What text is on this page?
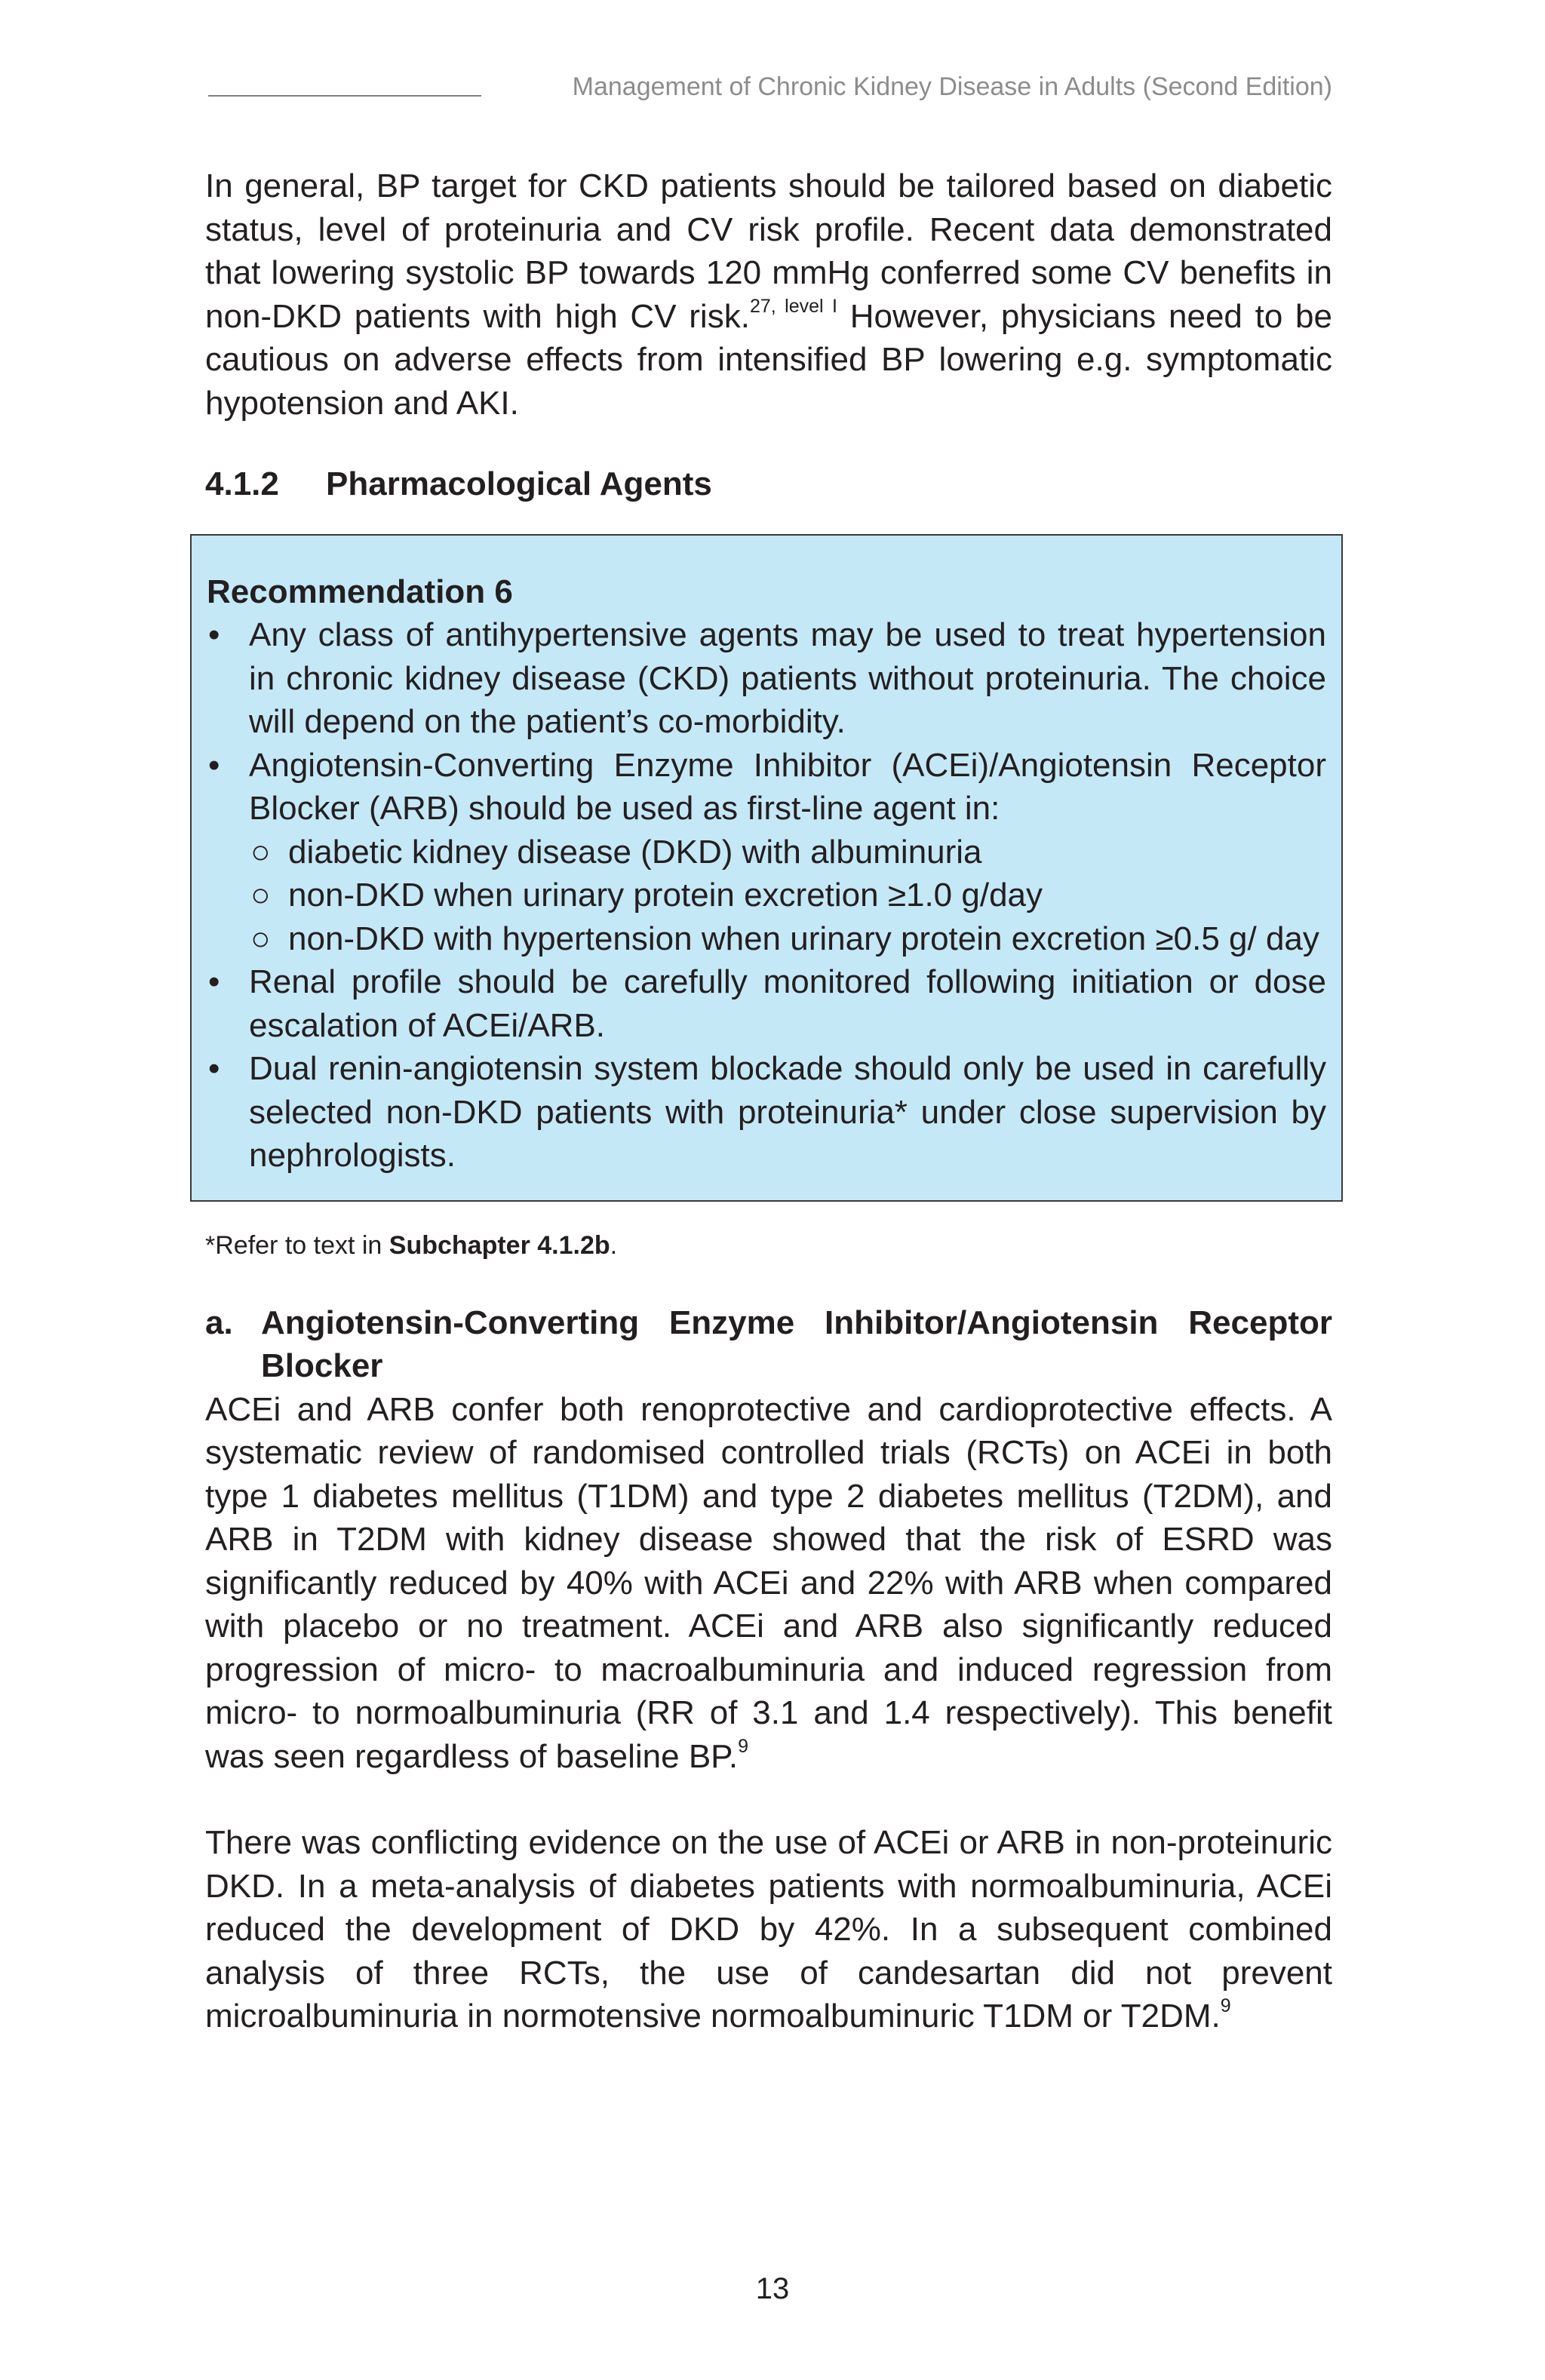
Management of Chronic Kidney Disease in Adults (Second Edition)

In general, BP target for CKD patients should be tailored based on diabetic status, level of proteinuria and CV risk profile. Recent data demonstrated that lowering systolic BP towards 120 mmHg conferred some CV benefits in non-DKD patients with high CV risk.$^{27, level I}$ However, physicians need to be cautious on adverse effects from intensified BP lowering e.g. symptomatic hypotension and AKI.

4.1.2 Pharmacological Agents

Recommendation 6

• Any class of antihypertensive agents may be used to treat hypertension in chronic kidney disease (CKD) patients without proteinuria. The choice will depend on the patient’s co-morbidity.
• Angiotensin-Converting Enzyme Inhibitor (ACEi)/Angiotensin Receptor Blocker (ARB) should be used as first-line agent in:
○ diabetic kidney disease (DKD) with albuminuria
○ non-DKD when urinary protein excretion ≥1.0 g/day
○ non-DKD with hypertension when urinary protein excretion ≥0.5 g/ day
• Renal profile should be carefully monitored following initiation or dose escalation of ACEi/ARB.
• Dual renin-angiotensin system blockade should only be used in carefully selected non-DKD patients with proteinuria* under close supervision by nephrologists.

*Refer to text in Subchapter 4.1.2b.

a. Angiotensin-Converting Enzyme Inhibitor/Angiotensin Receptor Blocker

ACEi and ARB confer both renoprotective and cardioprotective effects. A systematic review of randomised controlled trials (RCTs) on ACEi in both type 1 diabetes mellitus (T1DM) and type 2 diabetes mellitus (T2DM), and ARB in T2DM with kidney disease showed that the risk of ESRD was significantly reduced by 40% with ACEi and 22% with ARB when compared with placebo or no treatment. ACEi and ARB also significantly reduced progression of micro- to macroalbuminuria and induced regression from micro- to normoalbuminuria (RR of 3.1 and 1.4 respectively). This benefit was seen regardless of baseline BP.$^9$

There was conflicting evidence on the use of ACEi or ARB in non-proteinuric DKD. In a meta-analysis of diabetes patients with normoalbuminuria, ACEi reduced the development of DKD by 42%. In a subsequent combined analysis of three RCTs, the use of candesartan did not prevent microalbuminuria in normotensive normoalbuminuric T1DM or T2DM.$^9$

13
